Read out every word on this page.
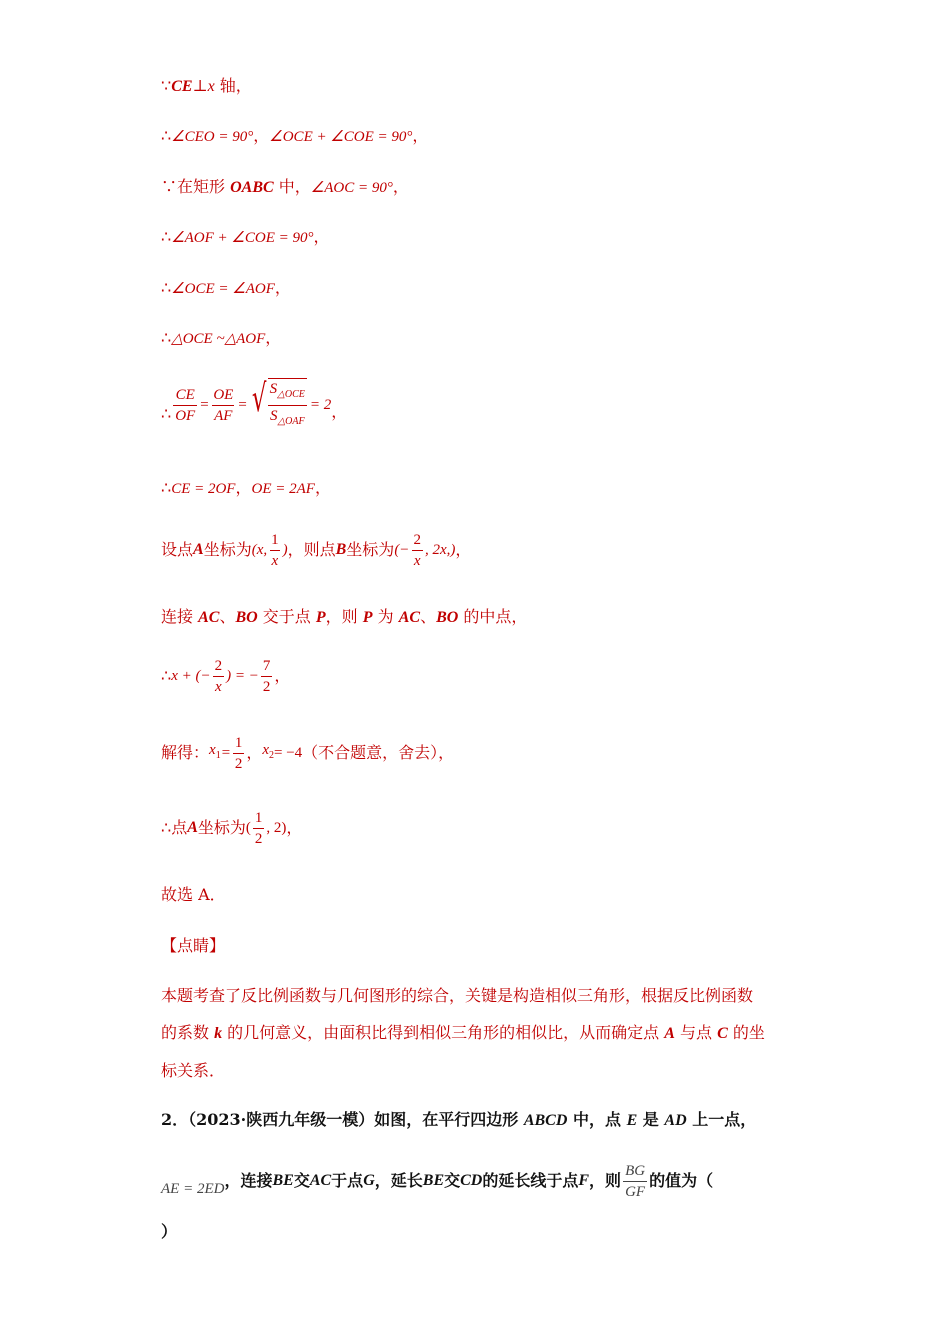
∵CE⊥x 轴，
∴∠CEO = 90°，∠OCE + ∠COE = 90°，
∵在矩形 OABC 中，∠AOC = 90°，
∴∠AOF + ∠COE = 90°，
∴∠OCE = ∠AOF，
∴△OCE ~△AOF，
∴ $\frac{CE}{OF} = \frac{OE}{AF}$ = √ $\frac{S_{\triangle OCE}}{S_{\triangle OAF}} = 2$ ，
∴CE = 2OF，OE = 2AF，
设点 A 坐标为 (x, $\frac{1}{x}$ ) ，则点 B 坐标为 (− $\frac{2}{x}$ , 2x,) ，
连接 AC、BO 交于点 P，则 P 为 AC、BO 的中点，
∴ x + (− $\frac{2}{x}$ ) = − $\frac{7}{2}$ ，
解得： $x_1 = \frac{1}{2}$ ， $x_2 = -4$ （不合题意，舍去），
∴ 点 A 坐标为 ( $\frac{1}{2}$ , 2) ，
故选 A．
【点睛】
本题考查了反比例函数与几何图形的综合，关键是构造相似三角形，根据反比例函数
的系数 k 的几何意义，由面积比得到相似三角形的相似比，从而确定点 A 与点 C 的坐
标关系．
2．（2023·陕西九年级一模）如图，在平行四边形 ABCD 中，点 E 是 AD 上一点，
AE = 2ED ，连接 BE 交 AC 于点 G ，延长 BE 交 CD 的延长线于点 F ，则 $\frac{BG}{GF}$ 的值为（
）
